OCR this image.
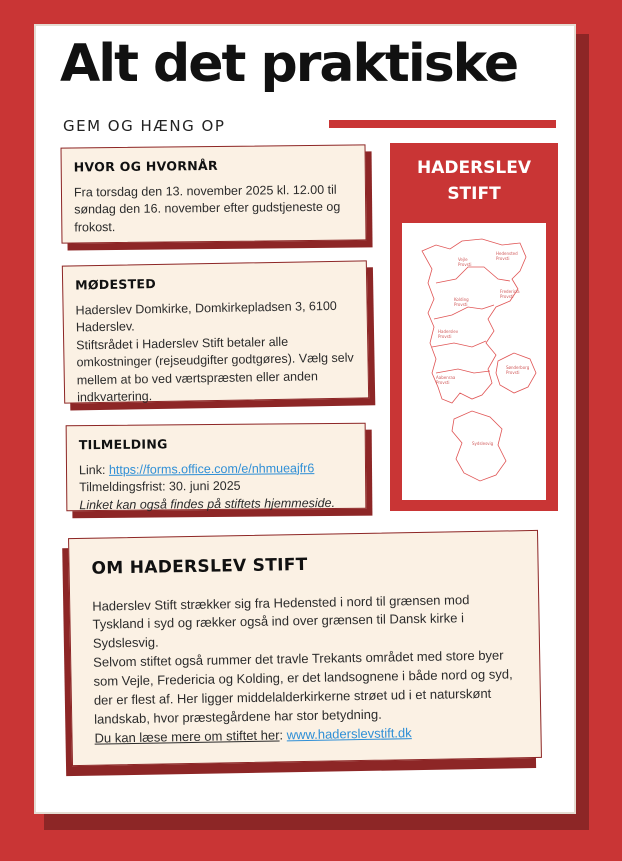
Alt det praktiske
GEM OG HÆNG OP
HVOR OG HVORNÅR

Fra torsdag den 13. november 2025 kl. 12.00 til søndag den 16. november efter gudstjeneste og frokost.

MØDESTED

Haderslev Domkirke, Domkirkepladsen 3, 6100 Haderslev.

Stiftsrådet i Haderslev Stift betaler alle omkostninger (rejseudgifter godtgøres). Vælg selv mellem at bo ved værtspræsten eller anden indkvartering.

TILMELDING

Link: https://forms.office.com/e/nhmueajfr6

Tilmeldingsfrist: 30. juni 2025

Linket kan også findes på stiftets hjemmeside.

HADERSLEV
STIFT
Vejle
Provsti
Hedensted
Provsti
Fredericia
Provsti
Kolding
Provsti
Haderslev
Provsti
Aabenraa
Provsti
Sønderborg
Provsti
Sydslesvig
OM HADERSLEV STIFT

Haderslev Stift strækker sig fra Hedensted i nord til grænsen mod Tyskland i syd og rækker også ind over grænsen til Dansk kirke i Sydslesvig.

Selvom stiftet også rummer det travle Trekants området med store byer som Vejle, Fredericia og Kolding, er det landsognene i både nord og syd, der er flest af. Her ligger middelalderkirkerne strøet ud i et naturskønt landskab, hvor præstegårdene har stor betydning.

Du kan læse mere om stiftet her: www.haderslevstift.dk
